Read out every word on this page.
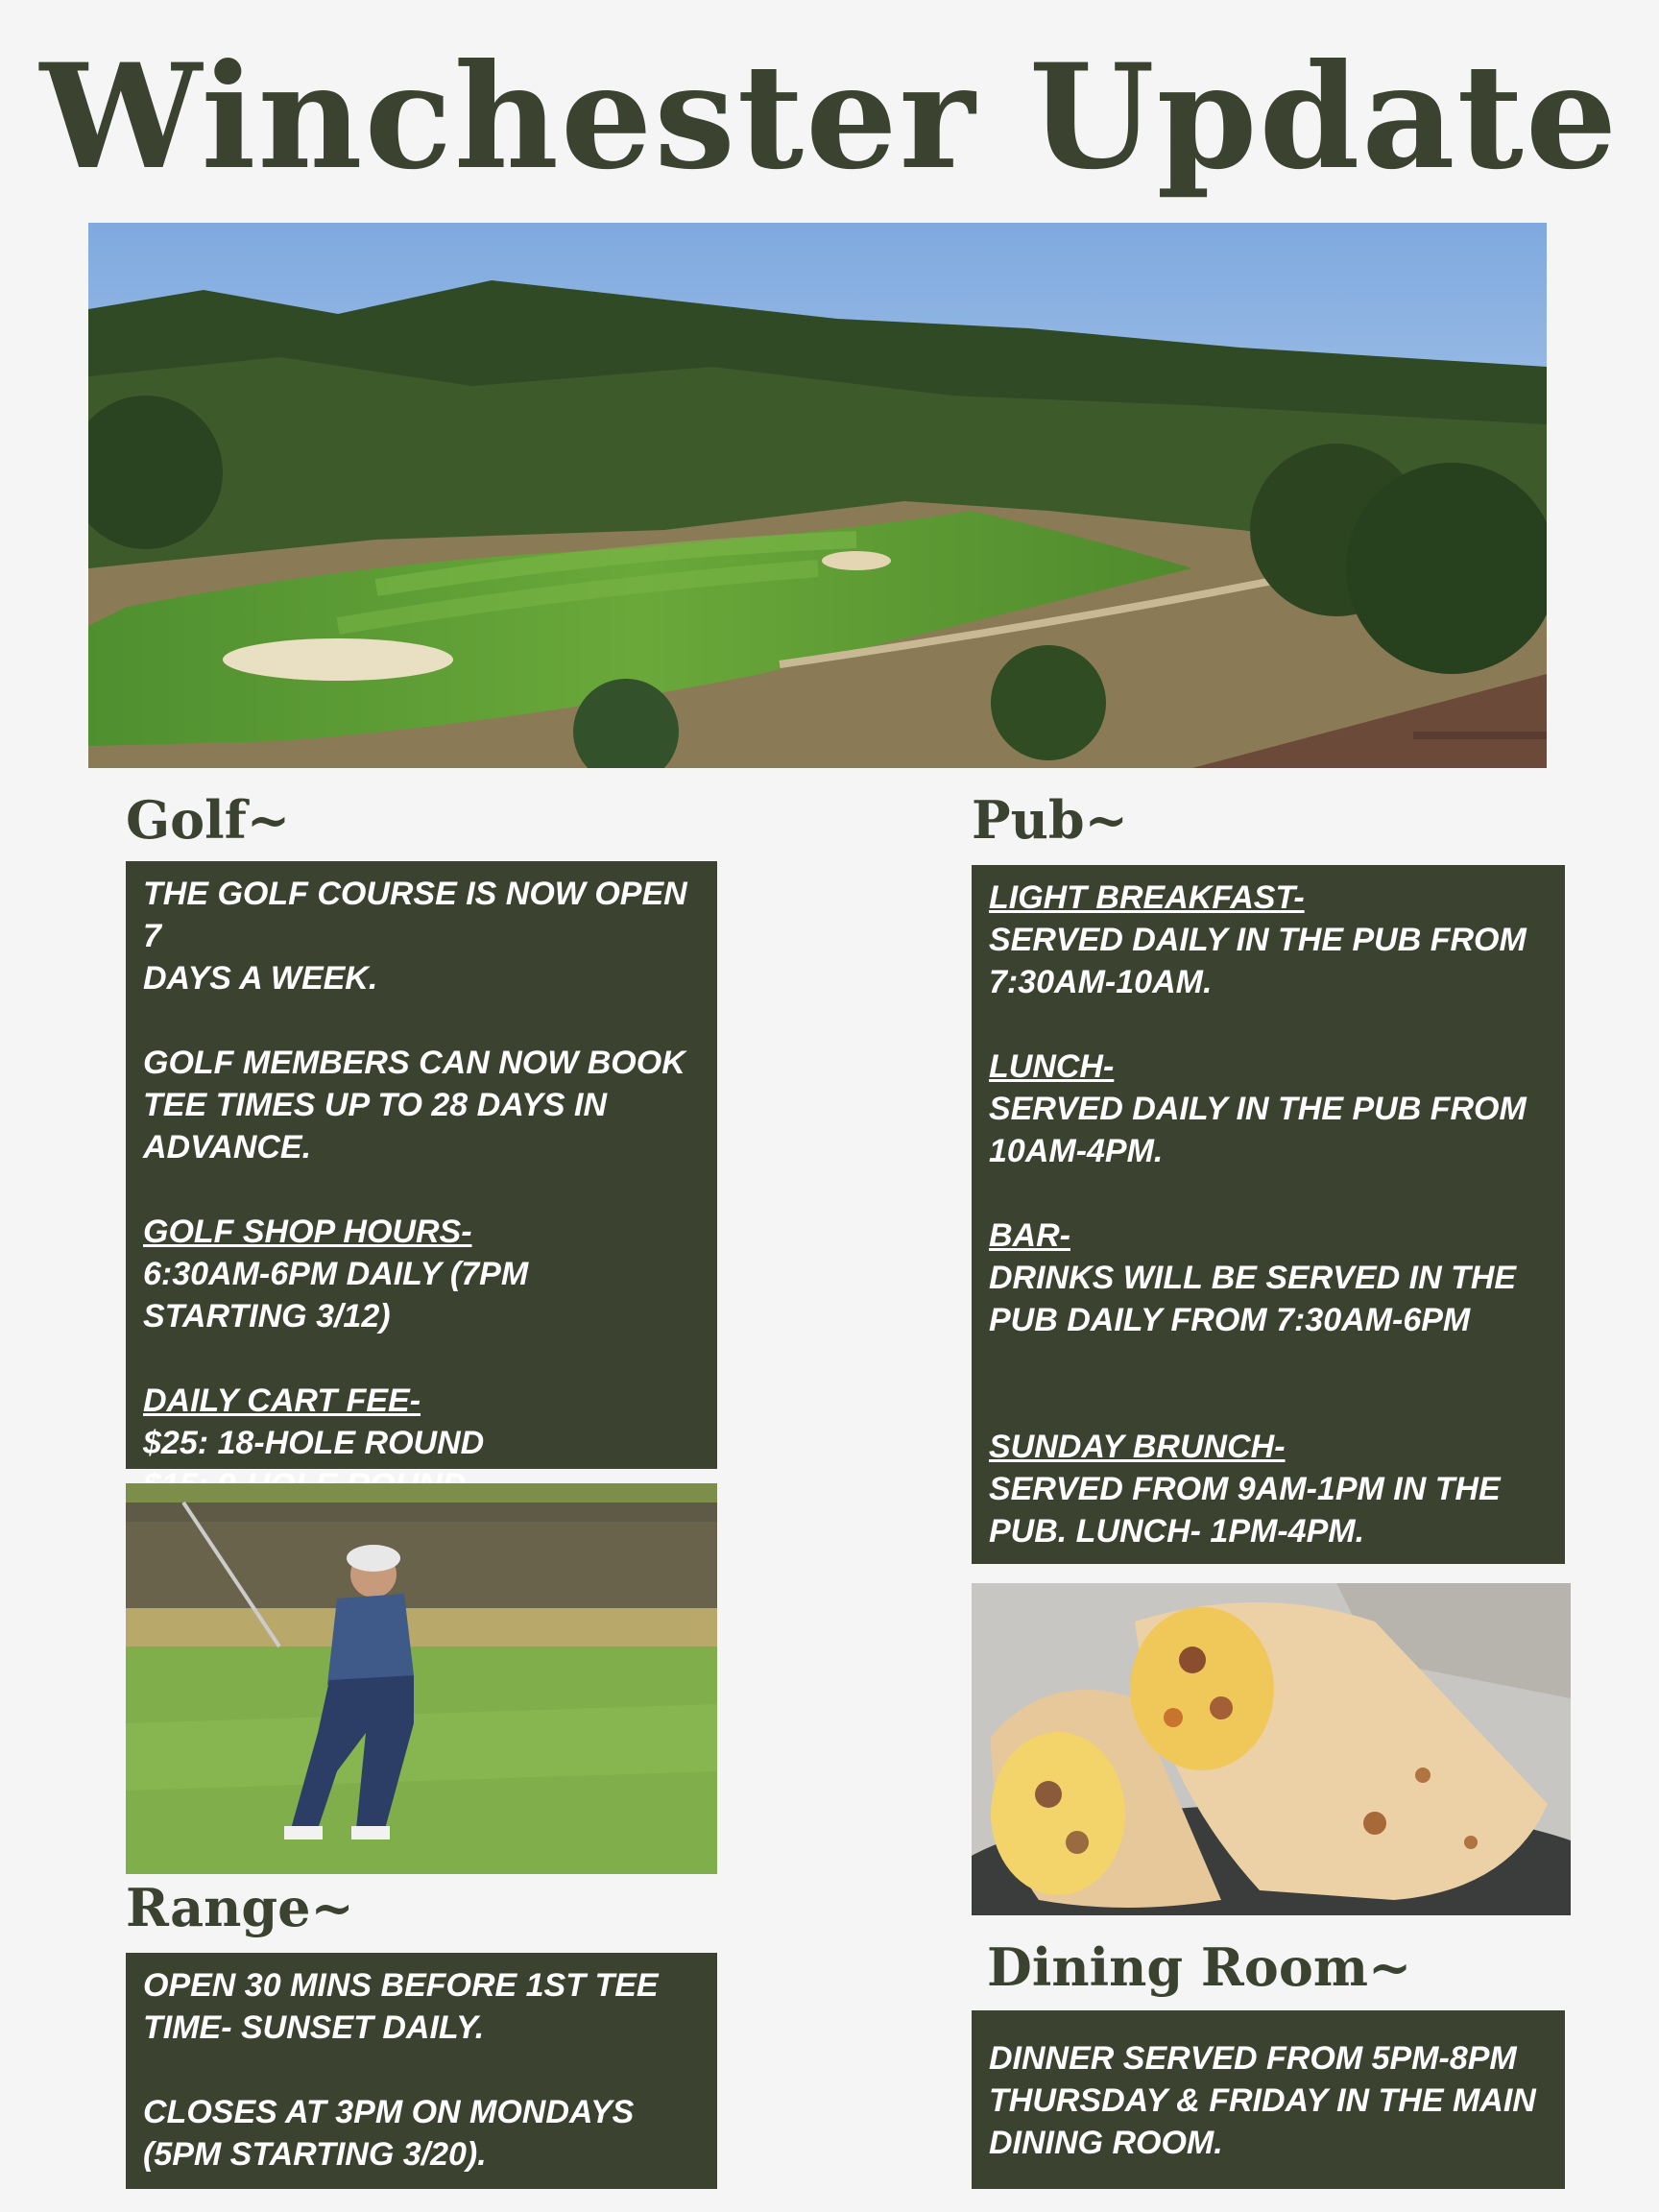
Winchester Update
Golf~
THE GOLF COURSE IS NOW OPEN 7
DAYS A WEEK.
GOLF MEMBERS CAN NOW BOOK
TEE TIMES UP TO 28 DAYS IN
ADVANCE.
GOLF SHOP HOURS-
6:30AM-6PM DAILY (7PM
STARTING 3/12)
DAILY CART FEE-
$25: 18-HOLE ROUND
Range~
OPEN 30 MINS BEFORE 1ST TEE
TIME- SUNSET DAILY.
CLOSES AT 3PM ON MONDAYS
(5PM STARTING 3/20).
Pub~
LIGHT BREAKFAST-
SERVED DAILY IN THE PUB FROM
7:30AM-10AM.
LUNCH-
SERVED DAILY IN THE PUB FROM
10AM-4PM.
BAR-
DRINKS WILL BE SERVED IN THE
PUB DAILY FROM 7:30AM-6PM
SUNDAY BRUNCH-
SERVED FROM 9AM-1PM IN THE
PUB. LUNCH- 1PM-4PM.
Dining Room~
DINNER SERVED FROM 5PM-8PM
THURSDAY & FRIDAY IN THE MAIN
DINING ROOM.
